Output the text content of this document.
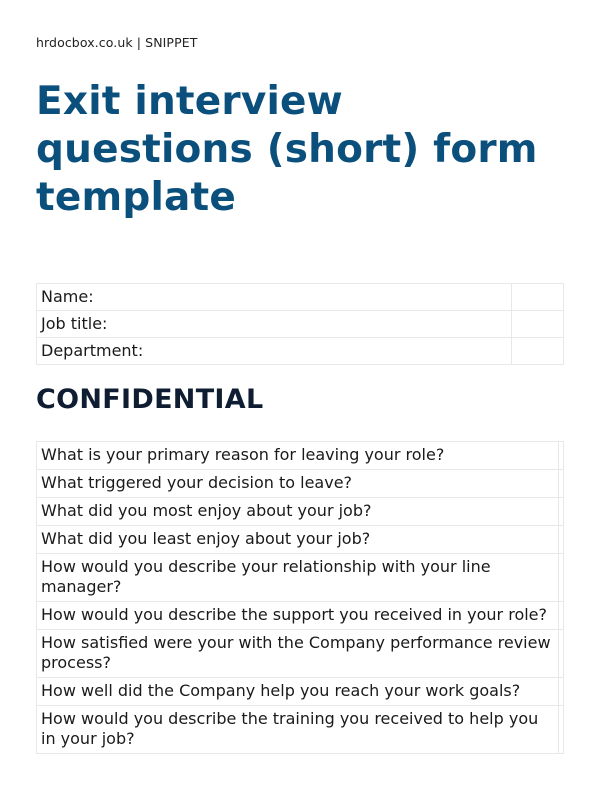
hrdocbox.co.uk | SNIPPET
Exit interview questions (short) form template
Name:	
Job title:	
Department:	
CONFIDENTIAL
What is your primary reason for leaving your role?	
What triggered your decision to leave?	
What did you most enjoy about your job?	
What did you least enjoy about your job?	
How would you describe your relationship with your line manager?	
How would you describe the support you received in your role?	
How satisfied were your with the Company performance review process?	
How well did the Company help you reach your work goals?	
How would you describe the training you received to help you in your job?	
